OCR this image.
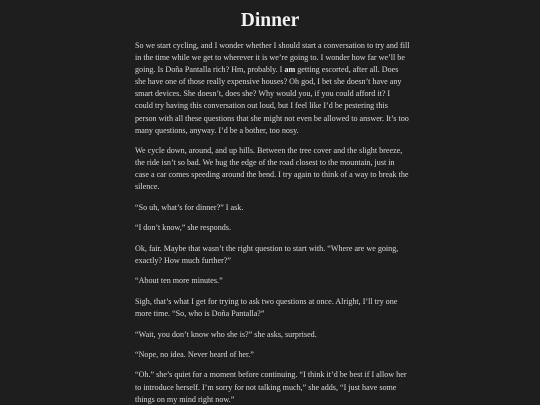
Dinner

So we start cycling, and I wonder whether I should start a conversation to try and fill in the time while we get to wherever it is we’re going to. I wonder how far we’ll be going. Is Doña Pantalla rich? Hm, probably. I am getting escorted, after all. Does she have one of those really expensive houses? Oh god, I bet she doesn’t have any smart devices. She doesn’t, does she? Why would you, if you could afford it? I could try having this conversation out loud, but I feel like I’d be pestering this person with all these questions that she might not even be allowed to answer. It’s too many questions, anyway. I’d be a bother, too nosy.

We cycle down, around, and up hills. Between the tree cover and the slight breeze, the ride isn’t so bad. We hug the edge of the road closest to the mountain, just in case a car comes speeding around the bend. I try again to think of a way to break the silence.

“So uh, what’s for dinner?” I ask.

“I don’t know,” she responds.

Ok, fair. Maybe that wasn’t the right question to start with. “Where are we going, exactly? How much further?”

“About ten more minutes.”

Sigh, that’s what I get for trying to ask two questions at once. Alright, I’ll try one more time. “So, who is Doña Pantalla?”

“Wait, you don’t know who she is?” she asks, surprised.

“Nope, no idea. Never heard of her.”

“Oh.” she’s quiet for a moment before continuing. “I think it’d be best if I allow her to introduce herself. I’m sorry for not talking much,” she adds, “I just have some things on my mind right now.”
